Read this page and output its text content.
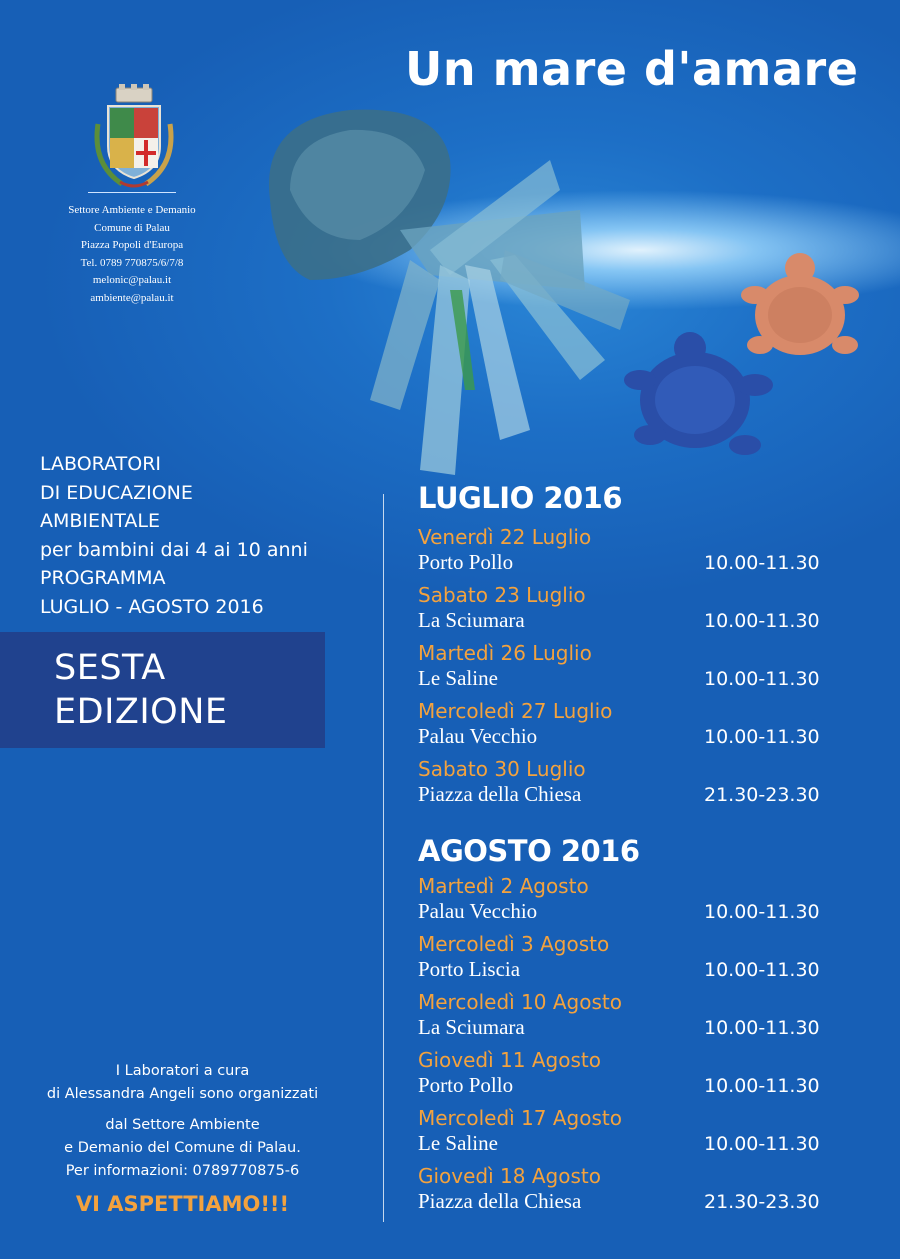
Un mare d'amare
Settore Ambiente e Demanio
Comune di Palau
Piazza Popoli d'Europa
Tel. 0789 770875/6/7/8
melonic@palau.it
ambiente@palau.it
LABORATORI
DI EDUCAZIONE
AMBIENTALE
per bambini dai 4 ai 10 anni
PROGRAMMA
LUGLIO - AGOSTO 2016
SESTA
EDIZIONE
LUGLIO 2016
Venerdì 22 Luglio
Porto Pollo	10.00-11.30
Sabato 23 Luglio
La Sciumara	10.00-11.30
Martedì 26 Luglio
Le Saline	10.00-11.30
Mercoledì 27 Luglio
Palau Vecchio	10.00-11.30
Sabato 30 Luglio
Piazza della Chiesa	21.30-23.30
AGOSTO 2016
Martedì 2 Agosto
Palau Vecchio	10.00-11.30
Mercoledì 3 Agosto
Porto Liscia	10.00-11.30
Mercoledì 10 Agosto
La Sciumara	10.00-11.30
Giovedì 11 Agosto
Porto Pollo	10.00-11.30
Mercoledì 17 Agosto
Le Saline	10.00-11.30
Giovedì 18 Agosto
Piazza della Chiesa	21.30-23.30
I Laboratori a cura
di Alessandra Angeli sono organizzati
dal Settore Ambiente
e Demanio del Comune di Palau.
Per informazioni: 0789770875-6
VI ASPETTIAMO!!!
